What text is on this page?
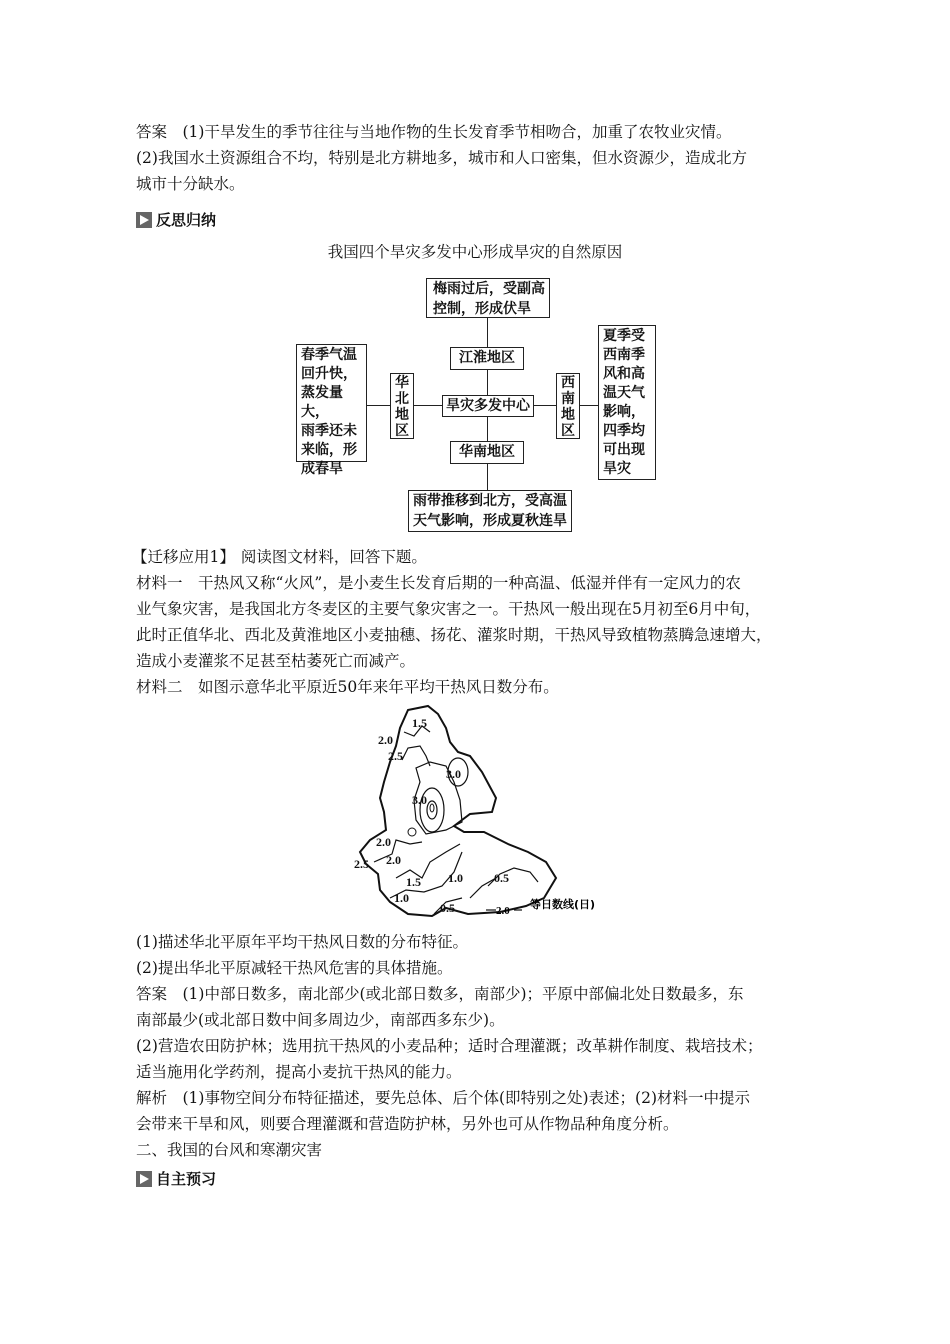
答案　(1)干旱发生的季节往往与当地作物的生长发育季节相吻合，加重了农牧业灾情。
(2)我国水土资源组合不均，特别是北方耕地多，城市和人口密集，但水资源少，造成北方
城市十分缺水。
反思归纳
我国四个旱灾多发中心形成旱灾的自然原因
梅雨过后，受副高
控制，形成伏旱
江淮地区
旱灾多发中心
华南地区
雨带推移到北方，受高温
天气影响，形成夏秋连旱
春季气温
回升快，
蒸发量大，
雨季还未
来临，形
成春旱
华
北
地
区
西
南
地
区
夏季受
西南季
风和高
温天气
影响，
四季均
可出现
旱灾
【迁移应用1】 阅读图文材料，回答下题。
材料一　干热风又称“火风”，是小麦生长发育后期的一种高温、低湿并伴有一定风力的农
业气象灾害，是我国北方冬麦区的主要气象灾害之一。干热风一般出现在5月初至6月中旬，
此时正值华北、西北及黄淮地区小麦抽穗、扬花、灌浆时期，干热风导致植物蒸腾急速增大，
造成小麦灌浆不足甚至枯萎死亡而减产。
材料二　如图示意华北平原近50年来年平均干热风日数分布。
1.5
2.0
2.5
3.0
3.0
2.0
2.5 2.0
1.5 1.0	0.5
1.0
0.5	2.0 等日数线(日)
(1)描述华北平原年平均干热风日数的分布特征。
(2)提出华北平原减轻干热风危害的具体措施。
答案　(1)中部日数多，南北部少(或北部日数多，南部少)；平原中部偏北处日数最多，东
南部最少(或北部日数中间多周边少，南部西多东少)。
(2)营造农田防护林；选用抗干热风的小麦品种；适时合理灌溉；改革耕作制度、栽培技术；
适当施用化学药剂，提高小麦抗干热风的能力。
解析　(1)事物空间分布特征描述，要先总体、后个体(即特别之处)表述；(2)材料一中提示
会带来干旱和风，则要合理灌溉和营造防护林，另外也可从作物品种角度分析。
二、我国的台风和寒潮灾害
自主预习
